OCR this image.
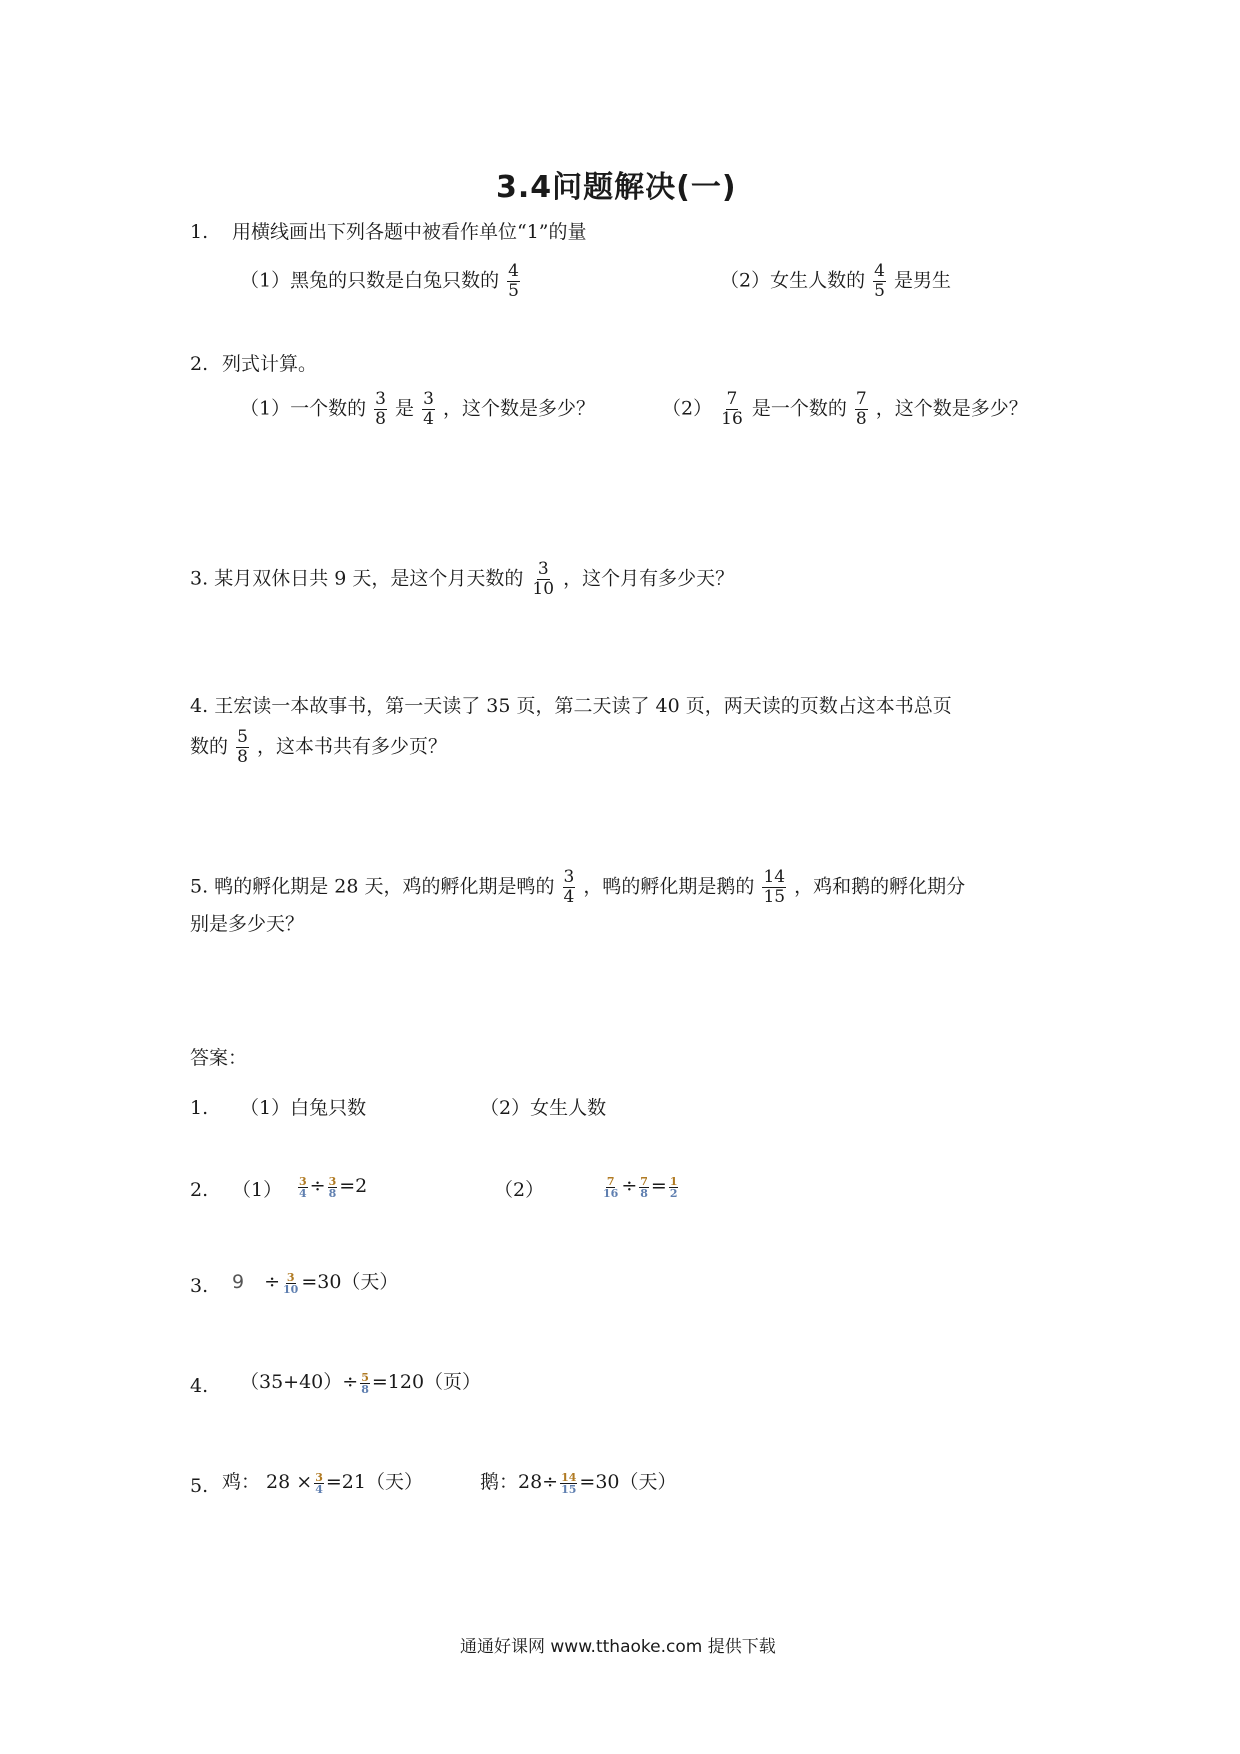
3.4问题解决(一)
1. 用横线画出下列各题中被看作单位“1”的量
（1）黑兔的只数是白兔只数的 $\frac{4}{5}$	（2）女生人数的 $\frac{4}{5}$ 是男生
2. 列式计算。
（1）一个数的 $\frac{3}{8}$ 是 $\frac{3}{4}$ ，这个数是多少？	$(2) \frac{7}{16}$ 是一个数的 $\frac{7}{8}$ ，这个数是多少？
3. 某月双休日共 9 天，是这个月天数的 $\frac{3}{10}$ ，这个月有多少天？
4. 王宏读一本故事书，第一天读了 35 页，第二天读了 40 页，两天读的页数占这本书总页
数的 $\frac{5}{8}$ ，这本书共有多少页？
5. 鸭的孵化期是 28 天，鸡的孵化期是鸭的 $\frac{3}{4}$ ，鸭的孵化期是鹅的 $\frac{14}{15}$ ，鸡和鹅的孵化期分
别是多少天？
答案：
1. （1）白兔只数	（2）女生人数
2. $(1) \frac{3}{4} \div \frac{3}{8} =2$	（2）	$\frac{7}{16} \div \frac{7}{8} = \frac{1}{2}$
3. $9 \div \frac{3}{10} =30$（天）
4. $(35+40)\div \frac{5}{8} =120$（页）
5. 鸡： $28 \times \frac{3}{4} =21$（天）	鹅：$28\div \frac{14}{15} =30$（天）
通通好课网 www.tthaoke.com 提供下载
